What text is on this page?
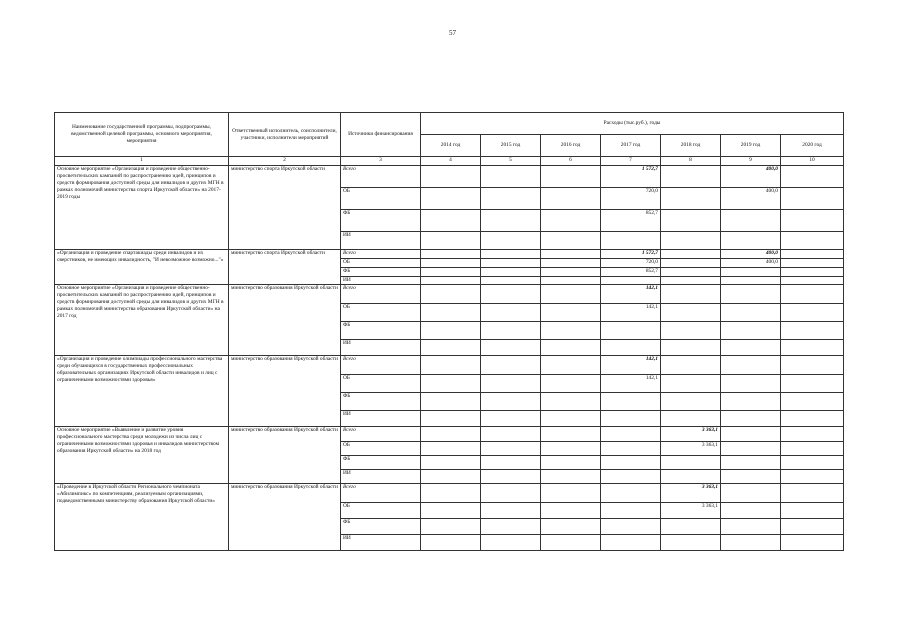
57
Наименование государственной программы, подпрограммы, ведомственной целевой программы, основного мероприятия, мероприятия	Ответственный исполнитель, соисполнители, участники, исполнители мероприятий	Источники финансирования	Расходы (тыс.руб.), годы						
			2014 год	2015 год	2016 год	2017 год	2018 год	2019 год	2020 год
1	2	3	4	5	6	7	8	9	10
Основное мероприятие «Организация и проведение общественно-просветительских кампаний по распространению идей, принципов и средств формирования доступной среды для инвалидов и других МГН в рамках полномочий министерства спорта Иркутской области» на 2017-2019 годы	министерство спорта Иркутской области	Всего				1 572,7		400,0	
		ОБ				720,0		400,0	
		ФБ				852,7			
		ИИ							
«Организация и проведение спартакиады среди инвалидов и их сверстников, не имеющих инвалидность, "И невозможное возможно..."»	министерство спорта Иркутской области	Всего				1 572,7		400,0	
		ОБ				720,0		400,0	
		ФБ				852,7			
		ИИ							
Основное мероприятие «Организация и проведение общественно-просветительских кампаний по распространению идей, принципов и средств формирования доступной среды для инвалидов и других МГН в рамках полномочий министерства образования Иркутской области» на 2017 год	министерство образования Иркутской области	Всего				142,1			
		ОБ				142,1			
		ФБ							
		ИИ							
«Организация и проведение олимпиады профессионального мастерства среди обучающихся в государственных профессиональных образовательных организациях Иркутской области инвалидов и лиц с ограниченными возможностями здоровья»	министерство образования Иркутской области	Всего				142,1			
		ОБ				142,1			
		ФБ							
		ИИ							
Основное мероприятие «Выявление и развитие уровня профессионального мастерства среди молодежи из числа лиц с ограниченными возможностями здоровья и инвалидов министерством образования Иркутской области» на 2018 год	министерство образования Иркутской области	Всего					3 363,1		
		ОБ					3 363,1		
		ФБ							
		ИИ							
«Проведение в Иркутской области Регионального чемпионата «Абилимпикс» по компетенциям, реализуемым организациями, подведомственными министерству образования Иркутской области»	министерство образования Иркутской области	Всего					3 363,1		
		ОБ					3 363,1		
		ФБ							
		ИИ							
